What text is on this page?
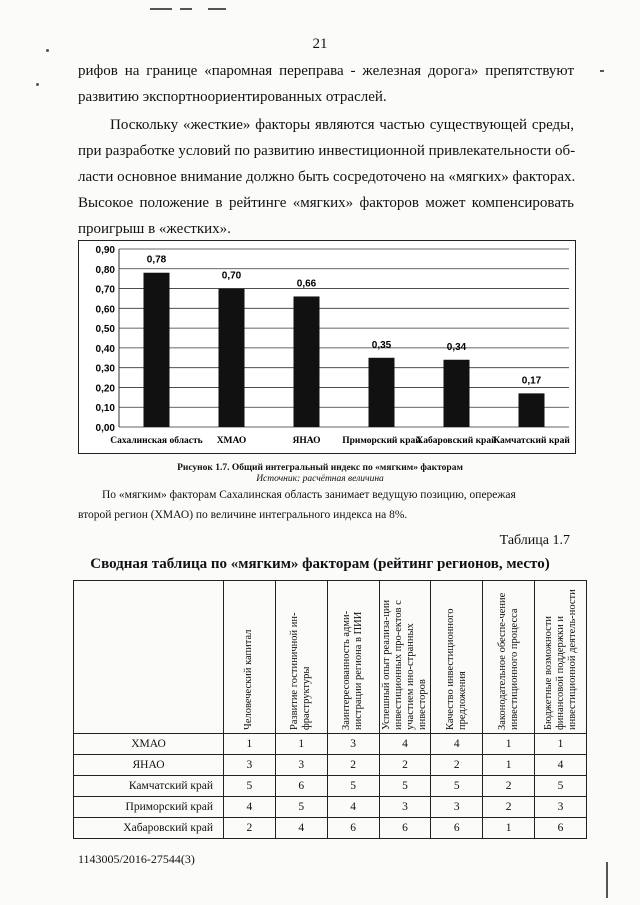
21

рифов на границе «паромная переправа - железная дорога» препятствуют
развитию экспортноориентированных отраслей.

Поскольку «жесткие» факторы являются частью существующей среды,
при разработке условий по развитию инвестиционной привлекательности об-
ласти основное внимание должно быть сосредоточено на «мягких» факторах.
Высокое положение в рейтинге «мягких» факторов может компенсировать
проигрыш в «жестких».

0,00
0,10
0,20
0,30
0,40
0,50
0,60
0,70
0,80
0,90
0,78
Сахалинская область
0,70
ХМАО
0,66
ЯНАО
0,35
Приморский край
0,34
Хабаровский край
0,17
Камчатский край
Рисунок 1.7. Общий интегральный индекс по «мягким» факторам
Источник: расчётная величина
По «мягким» факторам Сахалинская область занимает ведущую позицию, опережая
второй регион (ХМАО) по величине интегрального индекса на 8%.
Таблица 1.7
Сводная таблица по «мягким» факторам (рейтинг регионов, место)
	Человеческий капитал	Развитие гостиничной ин-фраструктуры	Заинтересованность адми-нистрации региона в ПИИ	Успешный опыт реализа-ции инвестиционных про-ектов с участием ино-странных инвесторов	Качество инвестиционного предложения	Законодательное обеспе-чение инвестиционного процесса	Бюджетные возможности финансовой поддержки и инвестиционной деятель-ности
ХМАО	1	1	3	4	4	1	1
ЯНАО	3	3	2	2	2	1	4
Камчатский край	5	6	5	5	5	2	5
Приморский край	4	5	4	3	3	2	3
Хабаровский край	2	4	6	6	6	1	6
1143005/2016-27544(3)
